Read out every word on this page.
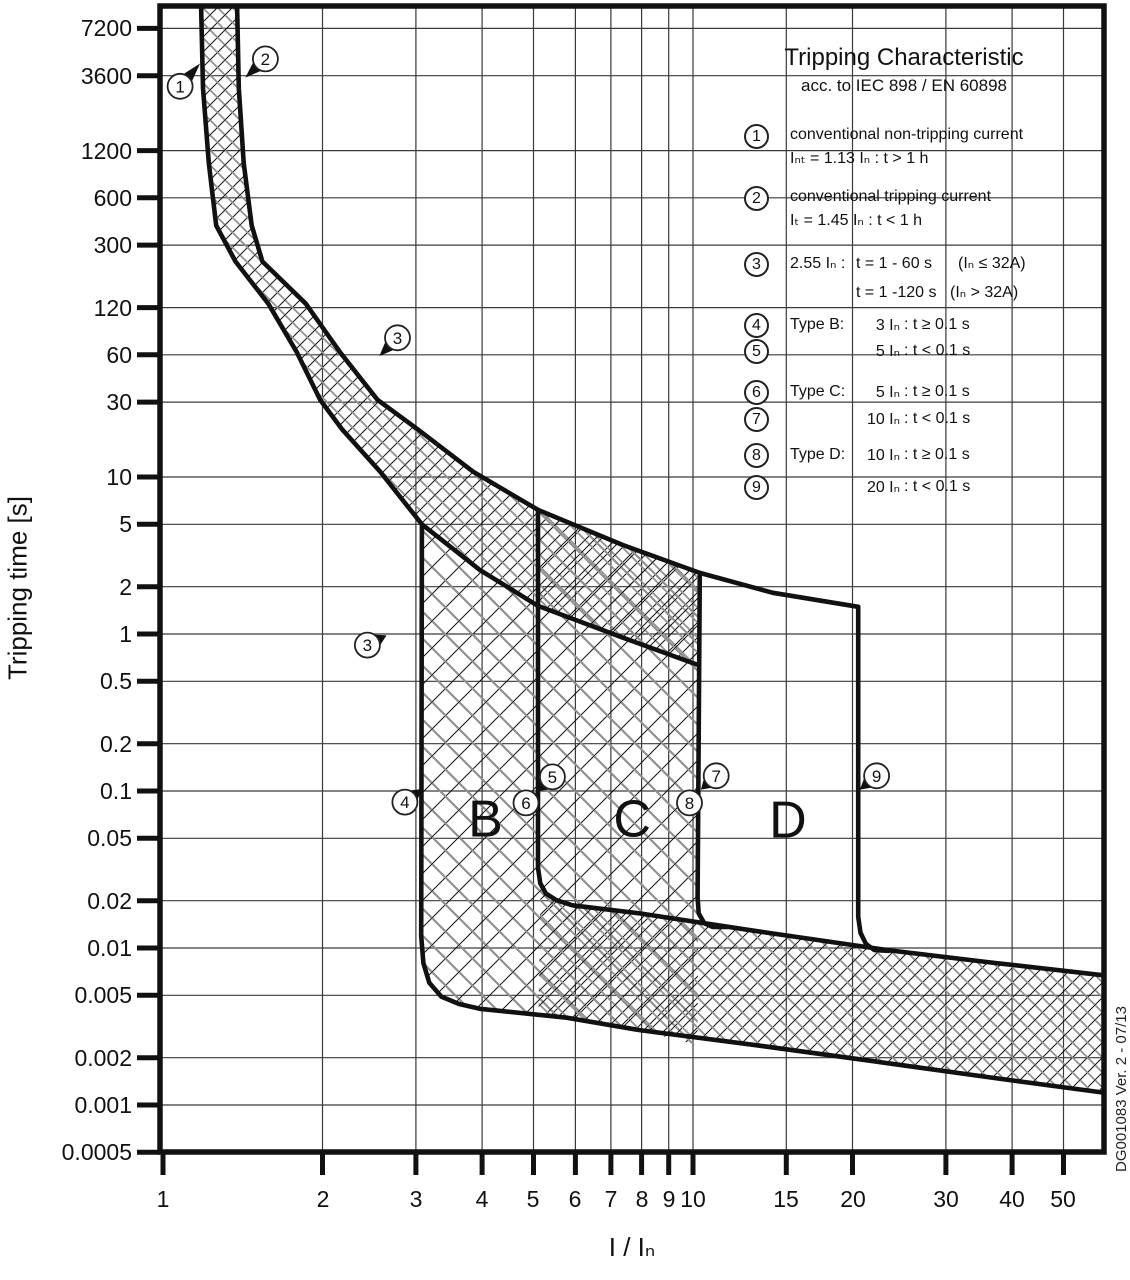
B C D
1
2
3
3
4
5
6
7
8
9
7200
3600
1200
600
300
120
60
30
10
5
2
1
0.5
0.2
0.1
0.05
0.02
0.01
0.005
0.002
0.001
0.0005
1	2	3	4	5	6	7 8 9 10	15	20	30	40	50
Tripping time [s]
I / Iₙ
Tripping Characteristic
acc. to IEC 898 / EN 60898
1	conventional non-tripping current
Iₙₜ = 1.13 Iₙ : t > 1 h
2	conventional tripping current
Iₜ = 1.45 Iₙ : t < 1 h
3	2.55 Iₙ : t = 1 - 60 s (Iₙ ≤ 32A)
t = 1 -120 s (Iₙ > 32A)
4	Type B:	3 Iₙ : t ≥ 0.1 s
5	5 Iₙ : t < 0.1 s
6	Type C:	5 Iₙ : t ≥ 0.1 s
7	10 Iₙ : t < 0.1 s
8	Type D:	10 Iₙ : t ≥ 0.1 s
9	20 Iₙ : t < 0.1 s
DG001083 Ver. 2 - 07/13
